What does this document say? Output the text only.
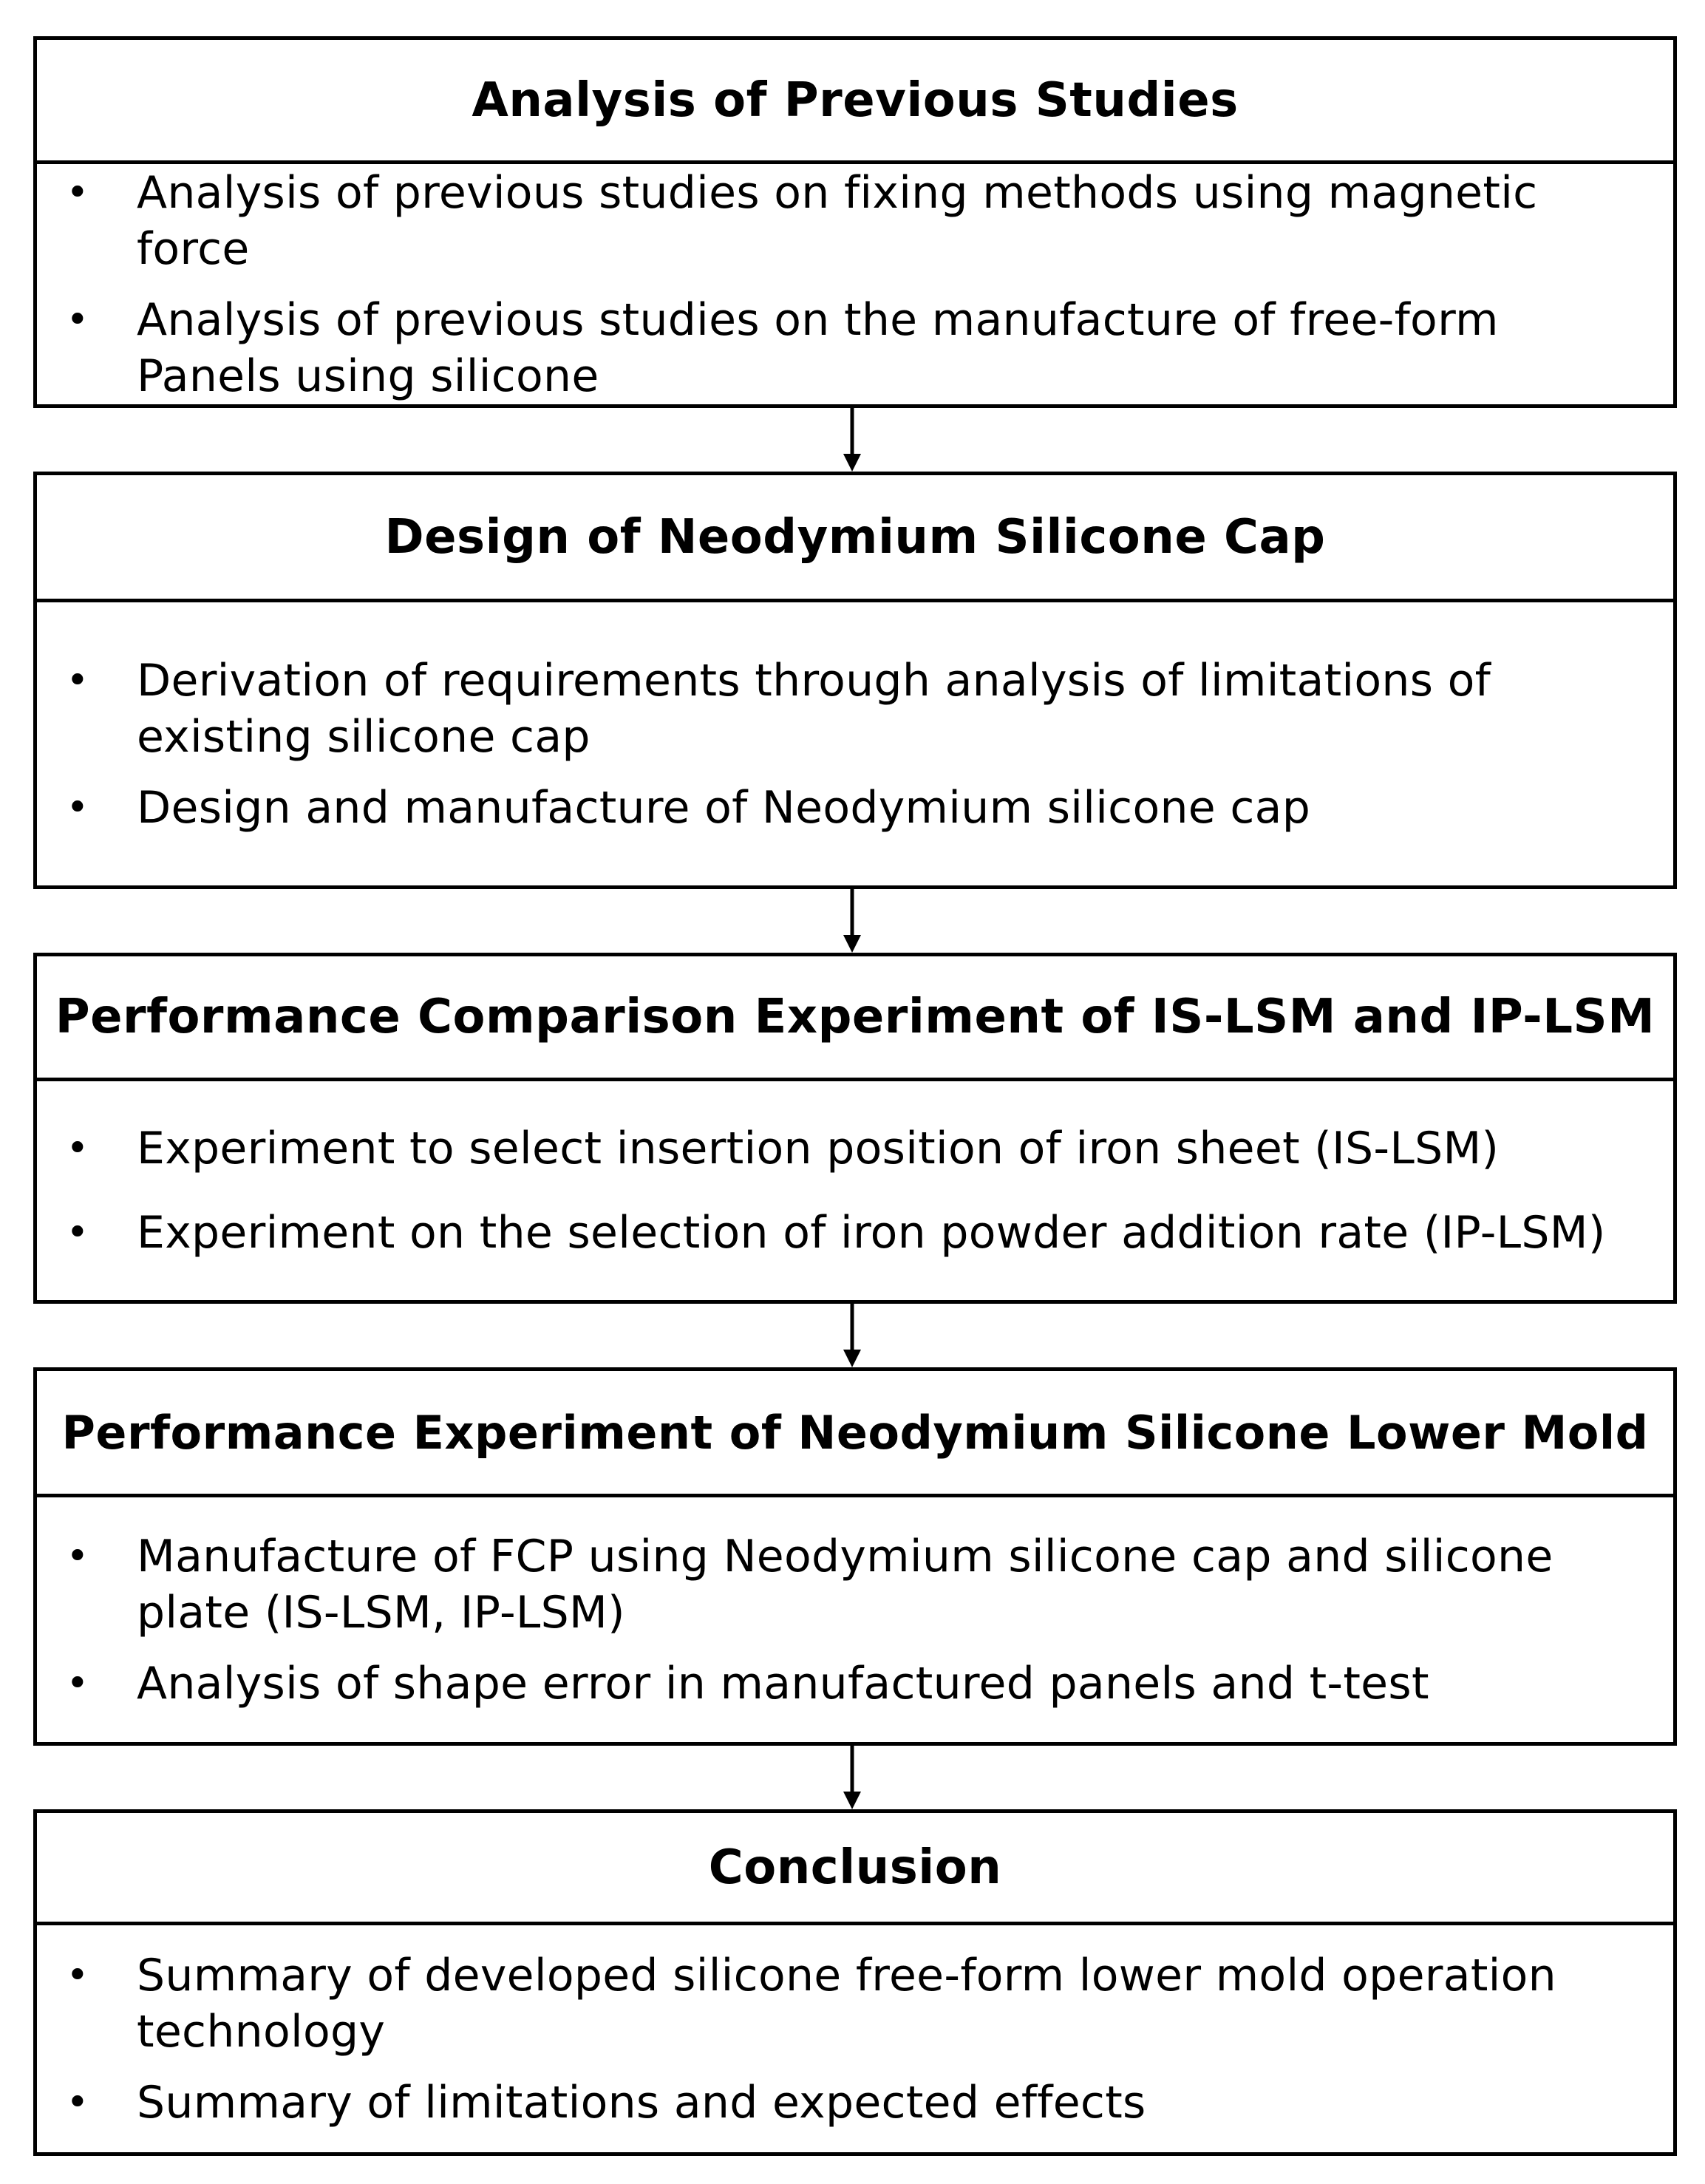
Analysis of Previous Studies
• Analysis of previous studies on fixing methods using magnetic force
• Analysis of previous studies on the manufacture of free-form Panels using silicone
Design of Neodymium Silicone Cap
• Derivation of requirements through analysis of limitations of existing silicone cap
• Design and manufacture of Neodymium silicone cap
Performance Comparison Experiment of IS-LSM and IP-LSM
• Experiment to select insertion position of iron sheet (IS-LSM)
• Experiment on the selection of iron powder addition rate (IP-LSM)
Performance Experiment of Neodymium Silicone Lower Mold
• Manufacture of FCP using Neodymium silicone cap and silicone plate (IS-LSM, IP-LSM)
• Analysis of shape error in manufactured panels and t-test
Conclusion
• Summary of developed silicone free-form lower mold operation technology
• Summary of limitations and expected effects
